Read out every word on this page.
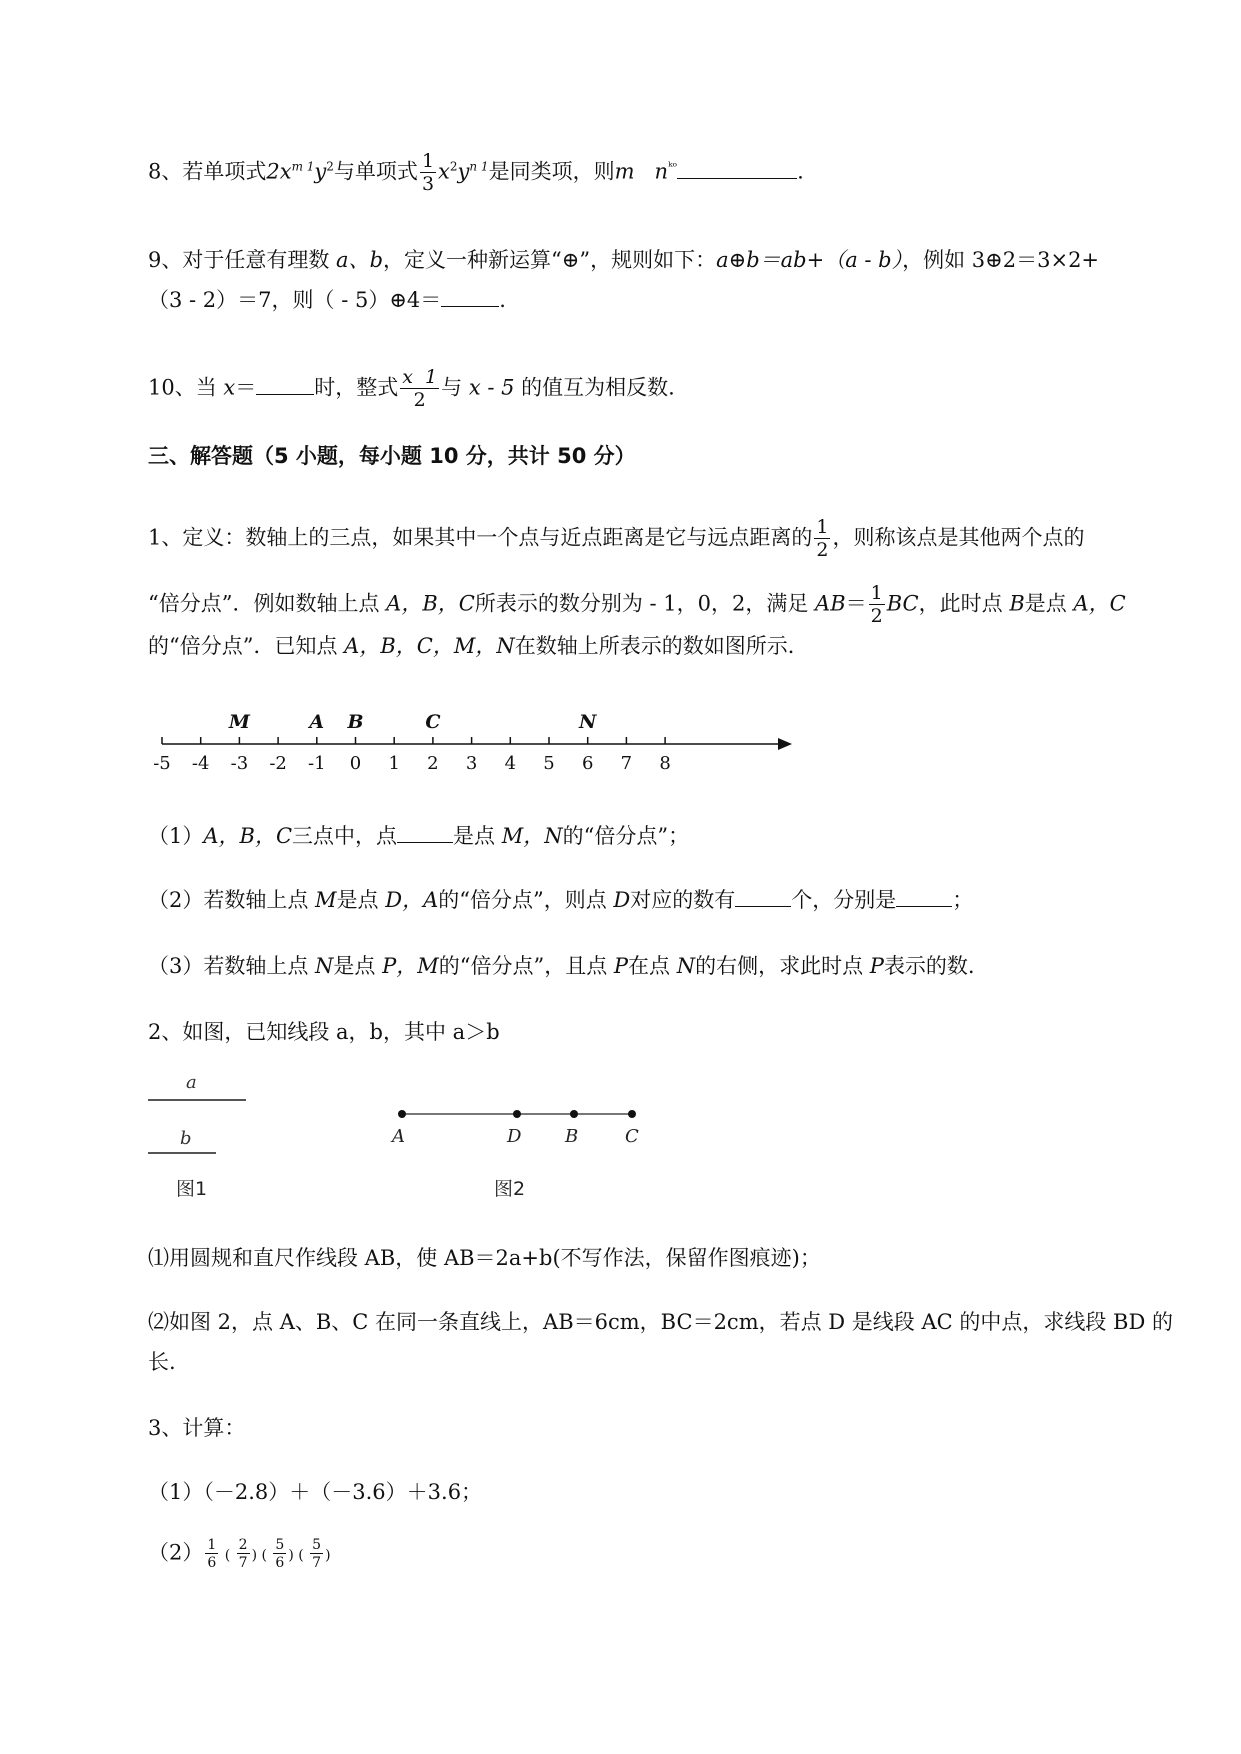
8、若单项式$2x^{m 1}y^2$与单项式 $\frac{1}{3} x^2y^{n 1}$是同类项，则m $n^{ᵏᵒ}$	.
9、对于任意有理数 a、b，定义一种新运算“⊕”，规则如下：a⊕b＝ab+（a - b），例如 3⊕2＝3×2+
（3 - 2）＝7，则（ - 5）⊕4＝	.
10、当 x＝	时，整式 $\frac{x 1}{2}$ 与 x - 5 的值互为相反数.
三、解答题（5 小题，每小题 10 分，共计 50 分）
1、定义：数轴上的三点，如果其中一个点与近点距离是它与远点距离的 $\frac{1}{2}$ ，则称该点是其他两个点的
“倍分点”．例如数轴上点 A，B，C所表示的数分别为 - 1，0，2，满足 $AB= \frac{1}{2}$ BC，此时点 B是点 A，C
的“倍分点”．已知点 A，B，C，M，N在数轴上所表示的数如图所示．
-5 -4 -3 -2 -1 0 1 2 3 4 5 6 7 8
M	A B	C	N
（1）A，B，C三点中，点	是点 M，N的“倍分点”；
（2）若数轴上点 M是点 D，A的“倍分点”，则点 D对应的数有	个，分别是	；
（3）若数轴上点 N是点 P，M的“倍分点”，且点 P在点 N的右侧，求此时点 P表示的数.
2、如图，已知线段 a，b，其中 a＞b
a
b
图1
A	D B	C
图2
⑴用圆规和直尺作线段 AB，使 AB＝2a+b(不写作法，保留作图痕迹)；
⑵如图 2，点 A、B、C 在同一条直线上，AB＝6cm，BC＝2cm，若点 D 是线段 AC 的中点，求线段 BD 的
长.
3、计算：
（1）（－2.8）＋（－3.6）＋3.6；
$(2) \frac{1}{6}$ ( $\frac{2}{7}$ ) ( $\frac{5}{6}$ ) ( $\frac{5}{7}$ )
